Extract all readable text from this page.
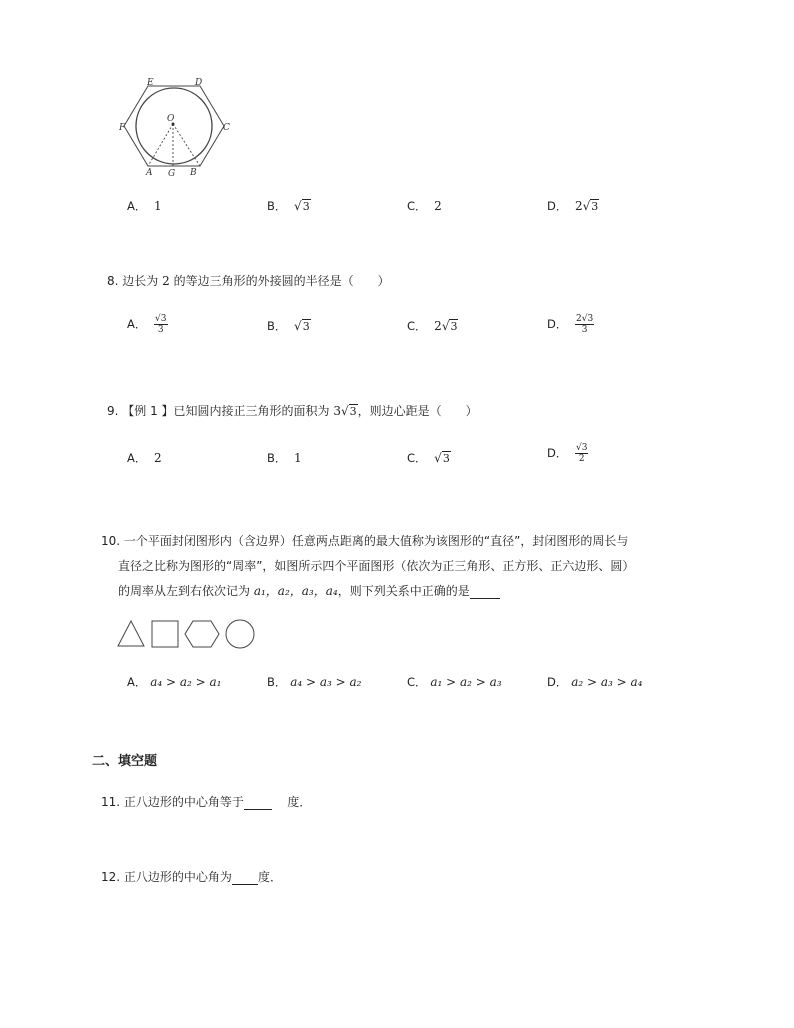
E	D
F	C
O
A G B
A． 1	B． √3	C． 2	D． 2√3
8. 边长为 2 的等边三角形的外接圆的半径是（　　）
A． $\frac{√3}{3}$	B． √3	C． 2√3	D． $\frac{2√3}{3}$
9. 【例 1 】已知圆内接正三角形的面积为 3√3，则边心距是（　　）
A． 2	B． 1	C． √3	D． $\frac{√3}{2}$
10. 一个平面封闭图形内（含边界）任意两点距离的最大值称为该图形的“直径”，封闭图形的周长与
直径之比称为图形的“周率”，如图所示四个平面图形（依次为正三角形、正方形、正六边形、圆）
的周率从左到右依次记为 a₁，a₂，a₃，a₄，则下列关系中正确的是
A． a₄ > a₂ > a₁	B． a₄ > a₃ > a₂	C． a₁ > a₂ > a₃	D． a₂ > a₃ > a₄
二、填空题
11. 正八边形的中心角等于	度．
12. 正八边形的中心角为 度．
